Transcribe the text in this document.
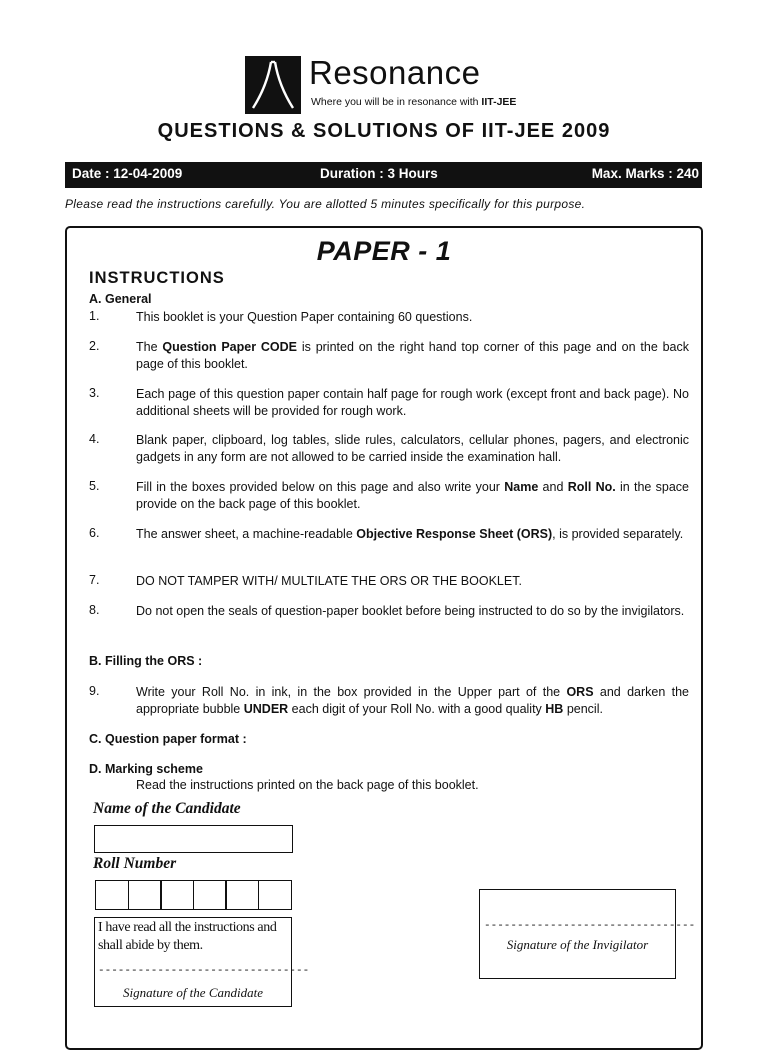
Resonance
Where you will be in resonance with IIT-JEE
QUESTIONS & SOLUTIONS OF IIT-JEE 2009
Date : 12-04-2009	Duration : 3 Hours	Max. Marks : 240
Please read the instructions carefully. You are allotted 5 minutes specifically for this purpose.
PAPER - 1
INSTRUCTIONS
A. General
1.	This booklet is your Question Paper containing 60 questions.
2.	The Question Paper CODE is printed on the right hand top corner of this page and on the back page of this booklet.
3.	Each page of this question paper contain half page for rough work (except front and back page). No additional sheets will be provided for rough work.
4.	Blank paper, clipboard, log tables, slide rules, calculators, cellular phones, pagers, and electronic gadgets in any form are not allowed to be carried inside the examination hall.
5.	Fill in the boxes provided below on this page and also write your Name and Roll No. in the space provide on the back page of this booklet.
6.	The answer sheet, a machine-readable Objective Response Sheet (ORS), is provided separately.
7.	DO NOT TAMPER WITH/ MULTILATE THE ORS OR THE BOOKLET.
8.	Do not open the seals of question-paper booklet before being instructed to do so by the invigilators.
9.	Write your Roll No. in ink, in the box provided in the Upper part of the ORS and darken the appropriate bubble UNDER each digit of your Roll No. with a good quality HB pencil.
B. Filling the ORS :
C. Question paper format :
D. Marking scheme
Read the instructions printed on the back page of this booklet.
Name of the Candidate
Roll Number
I have read all the instructions and shall abide by them.
--------------------------------
Signature of the Candidate
--------------------------------
Signature of the Invigilator
